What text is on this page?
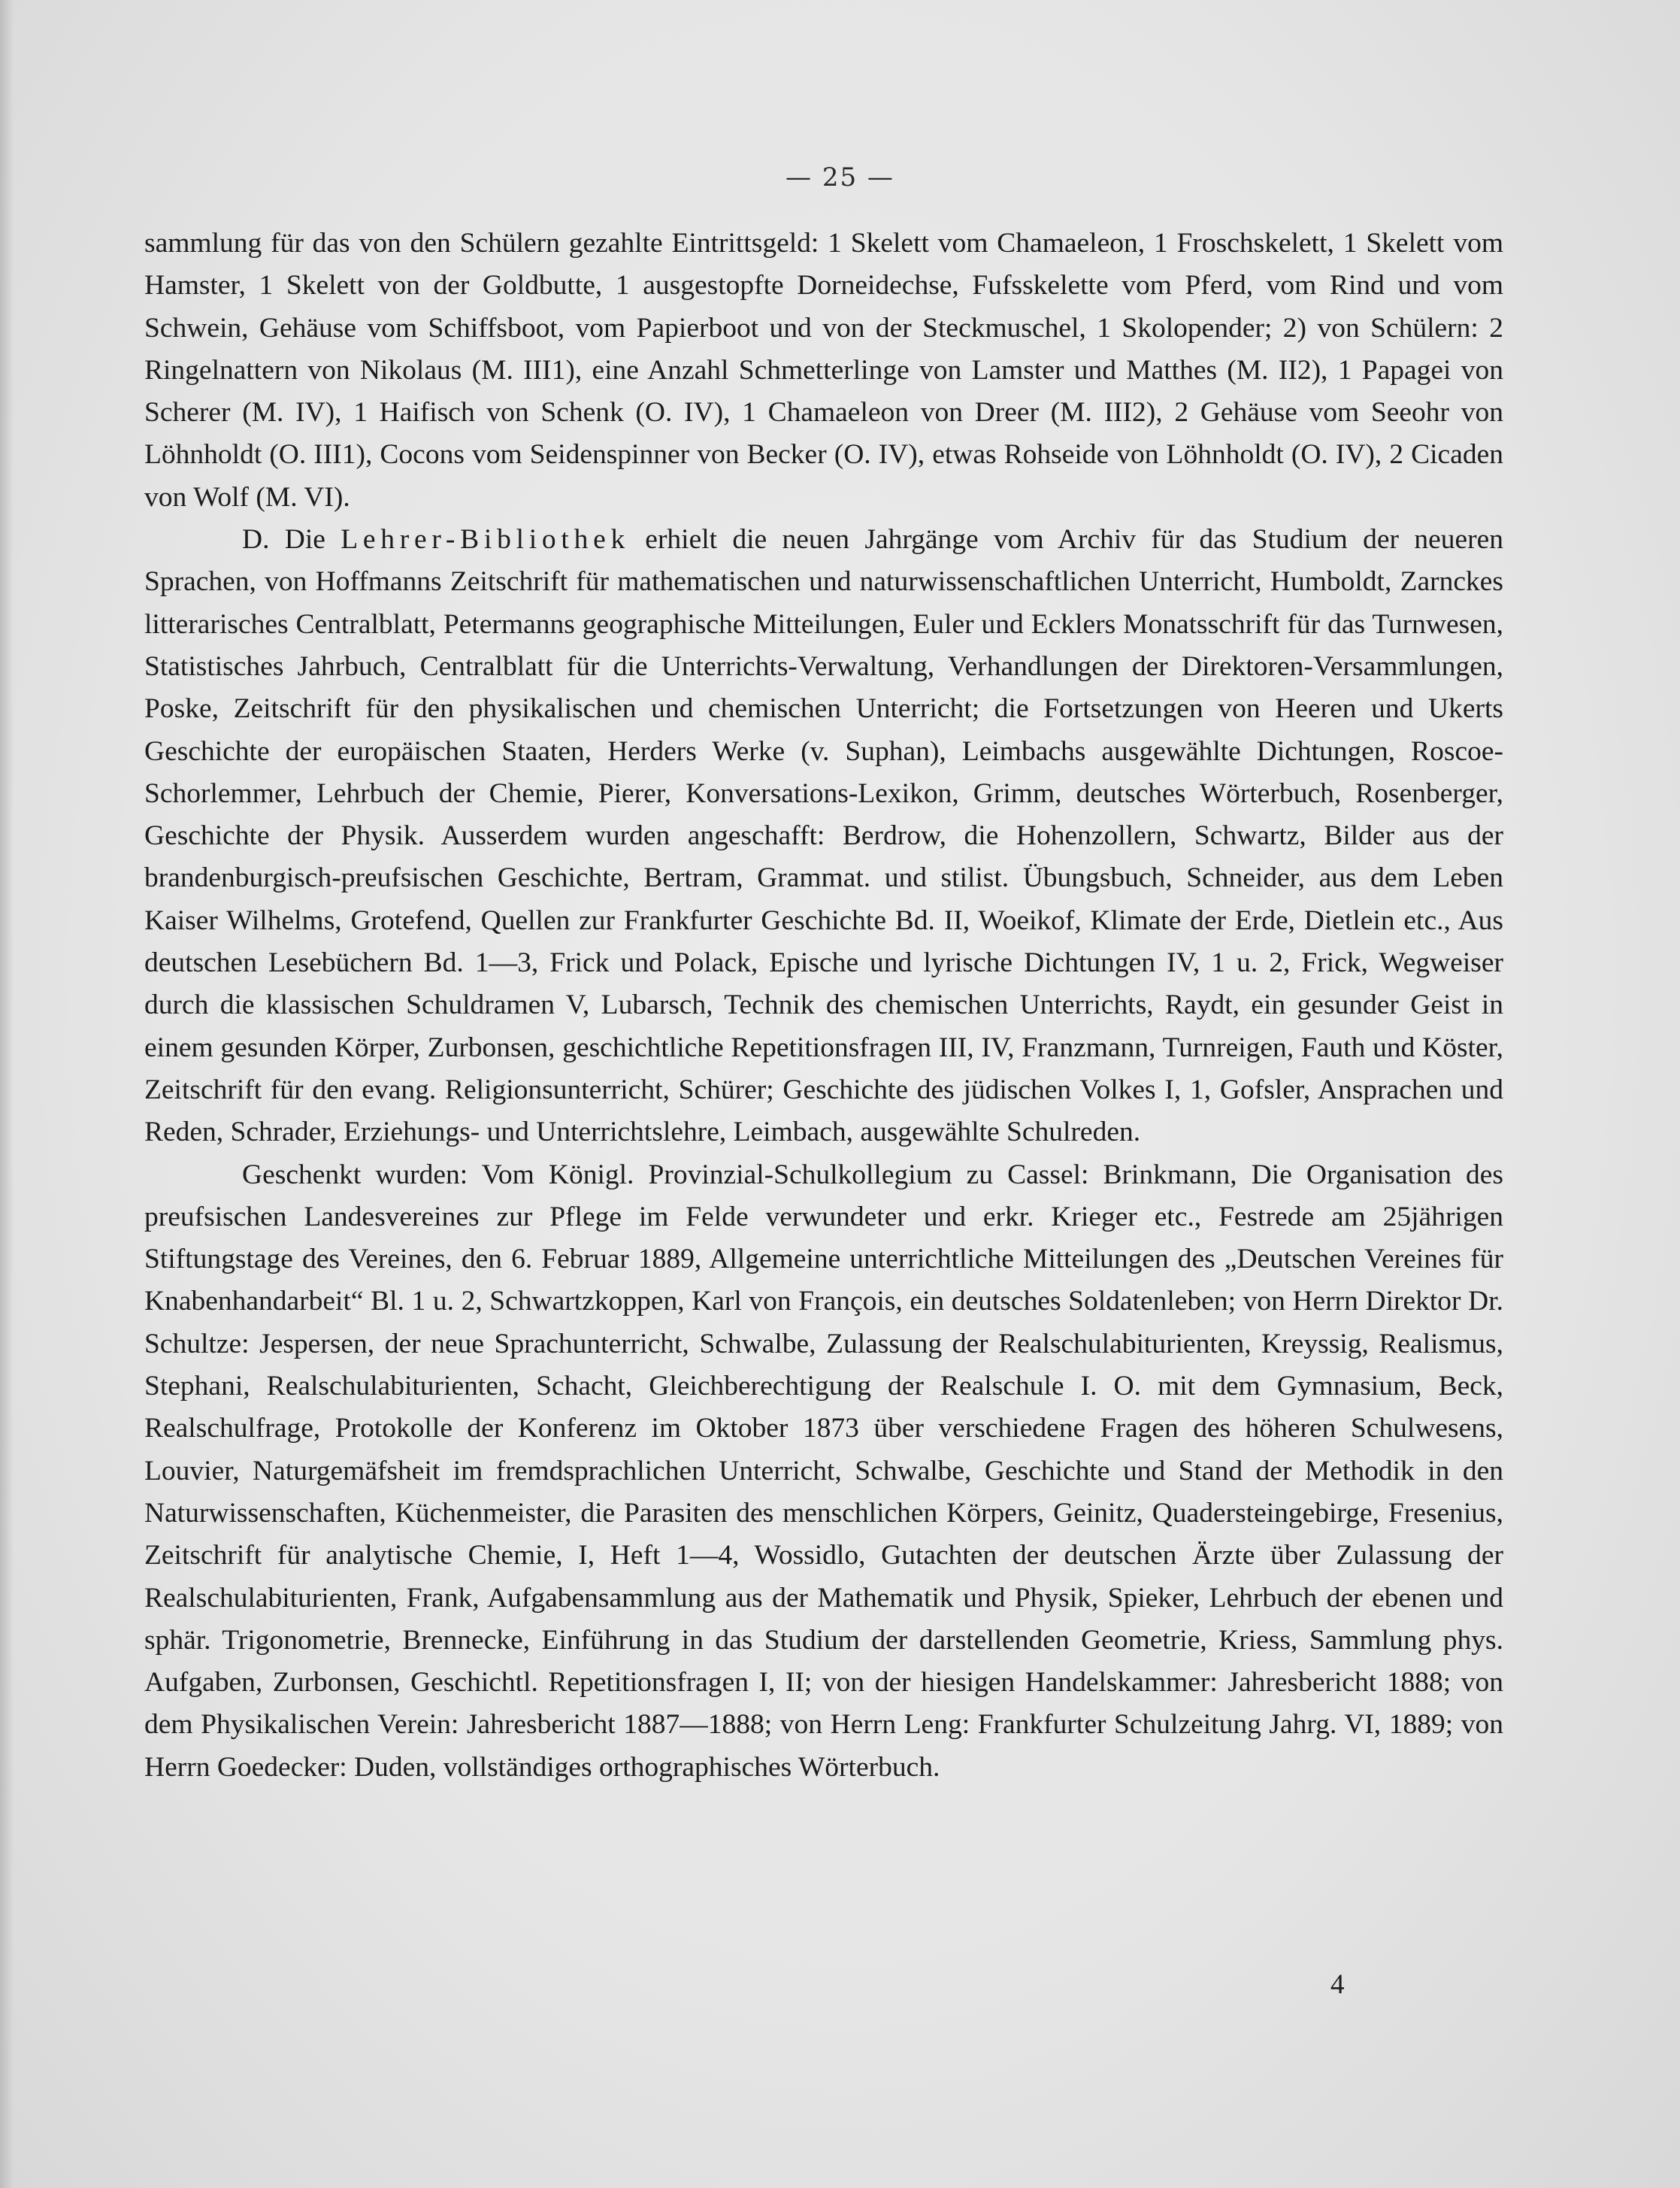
— 25 —

sammlung für das von den Schülern gezahlte Eintrittsgeld: 1 Skelett vom Chamaeleon, 1 Froschskelett, 1 Skelett vom Hamster, 1 Skelett von der Goldbutte, 1 ausgestopfte Dorneidechse, Fufsskelette vom Pferd, vom Rind und vom Schwein, Gehäuse vom Schiffsboot, vom Papierboot und von der Steckmuschel, 1 Skolopender; 2) von Schülern: 2 Ringelnattern von Nikolaus (M. III1), eine Anzahl Schmetterlinge von Lamster und Matthes (M. II2), 1 Papagei von Scherer (M. IV), 1 Haifisch von Schenk (O. IV), 1 Chamaeleon von Dreer (M. III2), 2 Gehäuse vom Seeohr von Löhnholdt (O. III1), Cocons vom Seidenspinner von Becker (O. IV), etwas Rohseide von Löhnholdt (O. IV), 2 Cicaden von Wolf (M. VI).

D. Die Lehrer-Bibliothek erhielt die neuen Jahrgänge vom Archiv für das Studium der neueren Sprachen, von Hoffmanns Zeitschrift für mathematischen und naturwissenschaftlichen Unterricht, Humboldt, Zarnckes litterarisches Centralblatt, Petermanns geographische Mitteilungen, Euler und Ecklers Monatsschrift für das Turnwesen, Statistisches Jahrbuch, Centralblatt für die Unterrichts-Verwaltung, Verhandlungen der Direktoren-Versammlungen, Poske, Zeitschrift für den physikalischen und chemischen Unterricht; die Fortsetzungen von Heeren und Ukerts Geschichte der europäischen Staaten, Herders Werke (v. Suphan), Leimbachs ausgewählte Dichtungen, Roscoe-Schorlemmer, Lehrbuch der Chemie, Pierer, Konversations-Lexikon, Grimm, deutsches Wörterbuch, Rosenberger, Geschichte der Physik. Ausserdem wurden angeschafft: Berdrow, die Hohenzollern, Schwartz, Bilder aus der brandenburgisch-preufsischen Geschichte, Bertram, Grammat. und stilist. Übungsbuch, Schneider, aus dem Leben Kaiser Wilhelms, Grotefend, Quellen zur Frankfurter Geschichte Bd. II, Woeikof, Klimate der Erde, Dietlein etc., Aus deutschen Lesebüchern Bd. 1—3, Frick und Polack, Epische und lyrische Dichtungen IV, 1 u. 2, Frick, Wegweiser durch die klassischen Schuldramen V, Lubarsch, Technik des chemischen Unterrichts, Raydt, ein gesunder Geist in einem gesunden Körper, Zurbonsen, geschichtliche Repetitionsfragen III, IV, Franzmann, Turnreigen, Fauth und Köster, Zeitschrift für den evang. Religionsunterricht, Schürer; Geschichte des jüdischen Volkes I, 1, Gofsler, Ansprachen und Reden, Schrader, Erziehungs- und Unterrichtslehre, Leimbach, ausgewählte Schulreden.

Geschenkt wurden: Vom Königl. Provinzial-Schulkollegium zu Cassel: Brinkmann, Die Organisation des preufsischen Landesvereines zur Pflege im Felde verwundeter und erkr. Krieger etc., Festrede am 25jährigen Stiftungstage des Vereines, den 6. Februar 1889, Allgemeine unterrichtliche Mitteilungen des „Deutschen Vereines für Knabenhandarbeit“ Bl. 1 u. 2, Schwartzkoppen, Karl von François, ein deutsches Soldatenleben; von Herrn Direktor Dr. Schultze: Jespersen, der neue Sprachunterricht, Schwalbe, Zulassung der Realschulabiturienten, Kreyssig, Realismus, Stephani, Realschulabiturienten, Schacht, Gleichberechtigung der Realschule I. O. mit dem Gymnasium, Beck, Realschulfrage, Protokolle der Konferenz im Oktober 1873 über verschiedene Fragen des höheren Schulwesens, Louvier, Naturgemäfsheit im fremdsprachlichen Unterricht, Schwalbe, Geschichte und Stand der Methodik in den Naturwissenschaften, Küchenmeister, die Parasiten des menschlichen Körpers, Geinitz, Quadersteingebirge, Fresenius, Zeitschrift für analytische Chemie, I, Heft 1—4, Wossidlo, Gutachten der deutschen Ärzte über Zulassung der Realschulabiturienten, Frank, Aufgabensammlung aus der Mathematik und Physik, Spieker, Lehrbuch der ebenen und sphär. Trigonometrie, Brennecke, Einführung in das Studium der darstellenden Geometrie, Kriess, Sammlung phys. Aufgaben, Zurbonsen, Geschichtl. Repetitionsfragen I, II; von der hiesigen Handelskammer: Jahresbericht 1888; von dem Physikalischen Verein: Jahresbericht 1887—1888; von Herrn Leng: Frankfurter Schulzeitung Jahrg. VI, 1889; von Herrn Goedecker: Duden, vollständiges orthographisches Wörterbuch.

4
